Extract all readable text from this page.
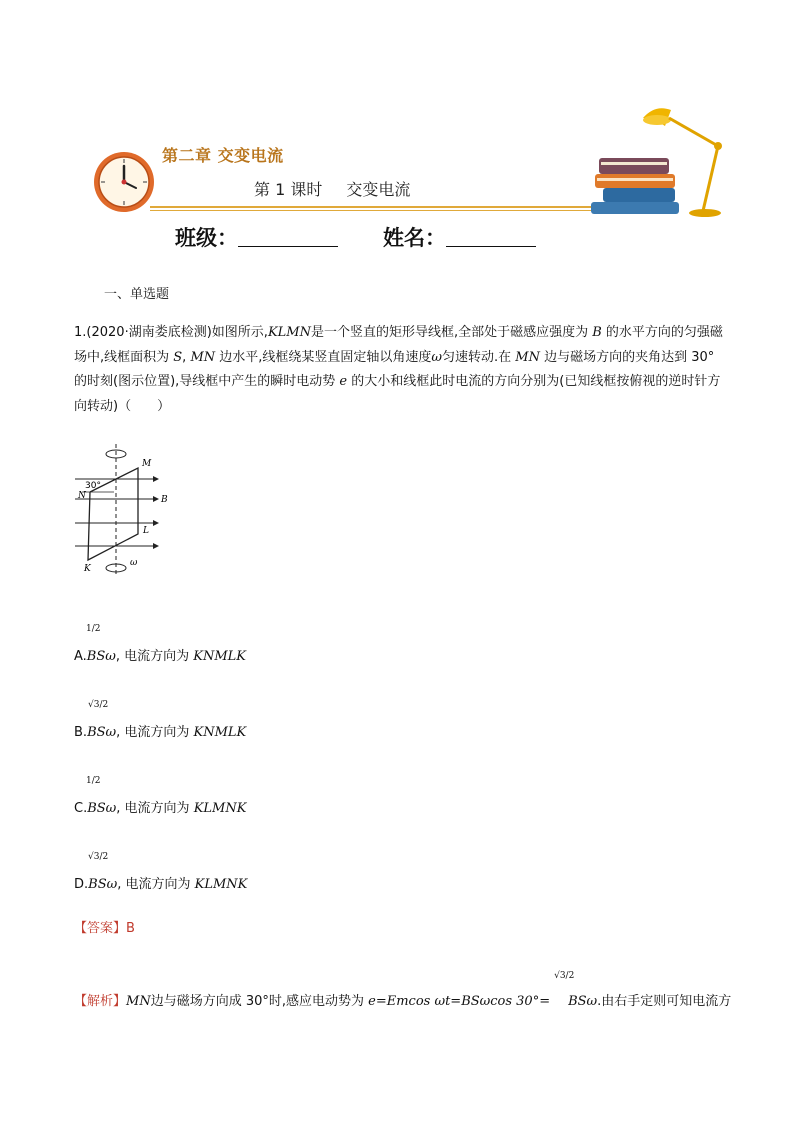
第二章 交变电流
第 1 课时 交变电流
班级：	姓名：
一、单选题
1.(2020·湖南娄底检测)如图所示,KLMN是一个竖直的矩形导线框,全部处于磁感应强度为 B 的水平方向的匀强磁场中,线框面积为 S, MN 边水平,线框绕某竖直固定轴以角速度ω匀速转动.在 MN 边与磁场方向的夹角达到 30°的时刻(图示位置),导线框中产生的瞬时电动势 e 的大小和线框此时电流的方向分别为(已知线框按俯视的逆时针方向转动)（　　）
30°
M
N	B
L
K
ω
A.
1/2
BSω, 电流方向为 KNMLK
B.
√3/2
BSω, 电流方向为 KNMLK
C.
1/2
BSω, 电流方向为 KLMNK
D.
√3/2
BSω, 电流方向为 KLMNK
【答案】B
【解析】MN边与磁场方向成 30°时,感应电动势为 e=Emcos ωt=BSωcos 30°=
√3/2
BSω.由右手定则可知电流方
